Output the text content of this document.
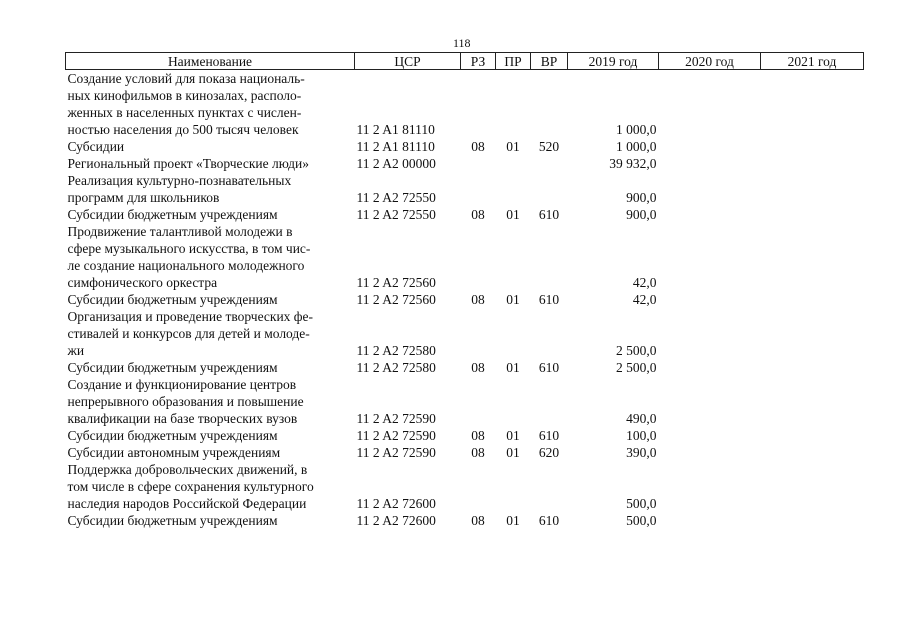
118
Наименование	ЦСР	РЗ	ПР	ВР	2019 год	2020 год	2021 год

Создание условий для показа националь-
ных кинофильмов в кинозалах, располо-
женных в населенных пунктах с числен-
ностью населения до 500 тысяч человек	11 2 A1 81110				1 000,0		

Субсидии	11 2 A1 81110	08	01	520	1 000,0		

Региональный проект «Творческие люди»	11 2 A2 00000				39 932,0		

Реализация культурно-познавательных
программ для школьников	11 2 A2 72550				900,0		

Субсидии бюджетным учреждениям	11 2 A2 72550	08	01	610	900,0		

Продвижение талантливой молодежи в
сфере музыкального искусства, в том чис-
ле создание национального молодежного
симфонического оркестра	11 2 A2 72560				42,0		

Субсидии бюджетным учреждениям	11 2 A2 72560	08	01	610	42,0		

Организация и проведение творческих фе-
стивалей и конкурсов для детей и молоде-
жи	11 2 A2 72580				2 500,0		

Субсидии бюджетным учреждениям	11 2 A2 72580	08	01	610	2 500,0		

Создание и функционирование центров
непрерывного образования и повышение
квалификации на базе творческих вузов	11 2 A2 72590				490,0		

Субсидии бюджетным учреждениям	11 2 A2 72590	08	01	610	100,0		

Субсидии автономным учреждениям	11 2 A2 72590	08	01	620	390,0		

Поддержка добровольческих движений, в
том числе в сфере сохранения культурного
наследия народов Российской Федерации	11 2 A2 72600				500,0		

Субсидии бюджетным учреждениям	11 2 A2 72600	08	01	610	500,0		
